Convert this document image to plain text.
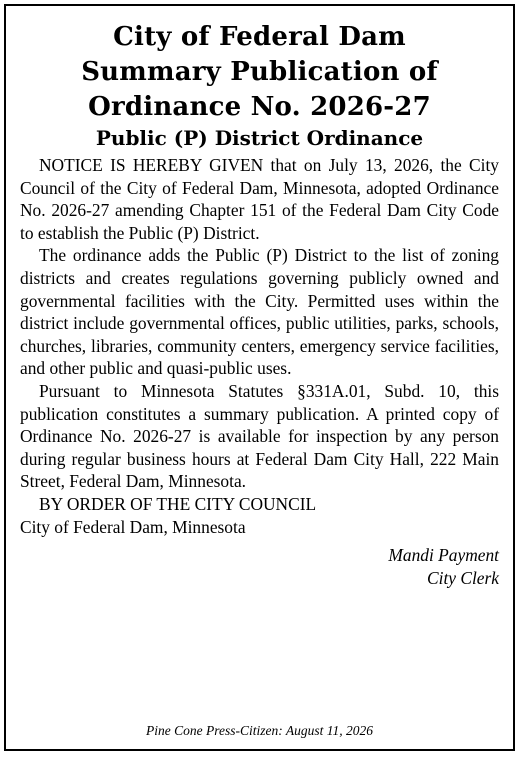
City of Federal Dam
Summary Publication of
Ordinance No. 2026-27
Public (P) District Ordinance

NOTICE IS HEREBY GIVEN that on July 13, 2026, the City Council of the City of Federal Dam, Minnesota, adopted Ordinance No. 2026-27 amending Chapter 151 of the Federal Dam City Code to establish the Public (P) District.

The ordinance adds the Public (P) District to the list of zoning districts and creates regulations governing publicly owned and governmental facilities with the City. Permitted uses within the district include governmental offices, public utilities, parks, schools, churches, libraries, community centers, emergency service facilities, and other public and quasi-public uses.

Pursuant to Minnesota Statutes §331A.01, Subd. 10, this publication constitutes a summary publication. A printed copy of Ordinance No. 2026-27 is available for inspection by any person during regular business hours at Federal Dam City Hall, 222 Main Street, Federal Dam, Minnesota.

BY ORDER OF THE CITY COUNCIL

City of Federal Dam, Minnesota

Mandi Payment
City Clerk
Pine Cone Press-Citizen: August 11, 2026
